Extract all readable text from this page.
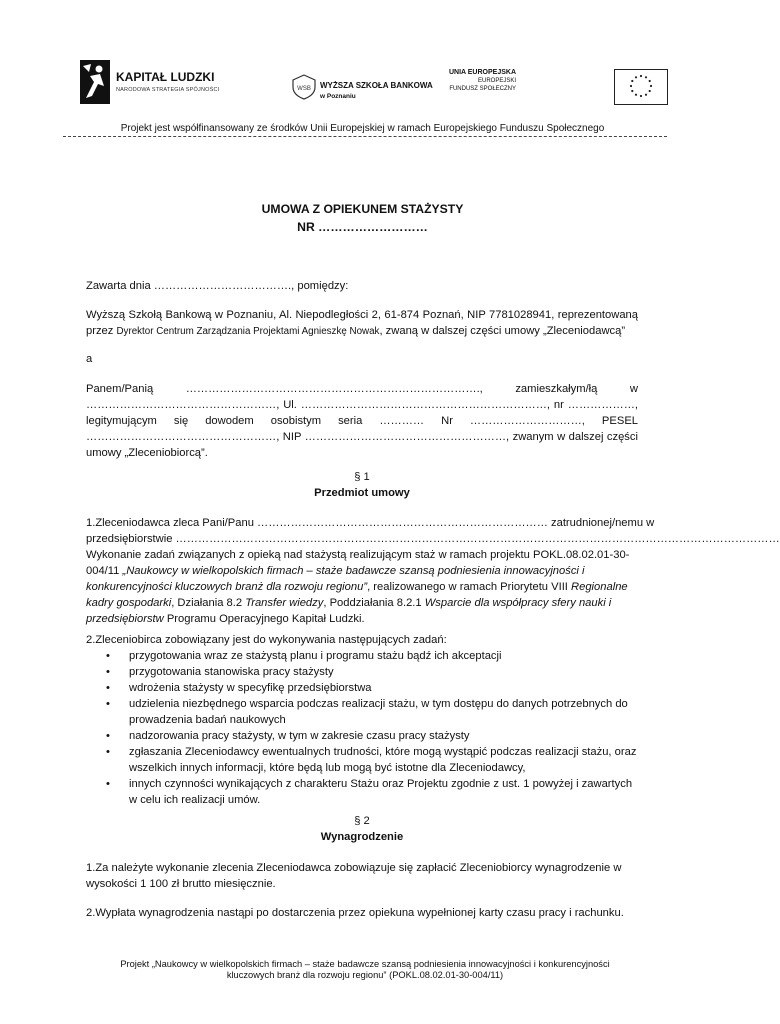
KAPITAŁ LUDZKI
NARODOWA STRATEGIA SPÓJNOŚCI	WSB WYŻSZA SZKOŁA BANKOWA
w Poznaniu
UNIA EUROPEJSKA
EUROPEJSKI
FUNDUSZ SPOŁECZNY
Projekt jest współfinansowany ze środków Unii Europejskiej w ramach Europejskiego Funduszu Społecznego
UMOWA Z OPIEKUNEM STAŻYSTY
NR ………………………
Zawarta dnia ………………………………., pomiędzy:
Wyższą Szkołą Bankową w Poznaniu, Al. Niepodległości 2, 61-874 Poznań, NIP 7781028941, reprezentowaną przez Dyrektor Centrum Zarządzania Projektami Agnieszkę Nowak, zwaną w dalszej części umowy „Zleceniodawcą”
a
Panem/Panią ……………………………………………………………………., zamieszkałym/łą w ……………………………………………, Ul. …………………………………………………………, nr ………………, legitymującym się dowodem osobistym seria ………… Nr …………………………, PESEL ……………………………………………, NIP ………………………………………………, zwanym w dalszej części umowy „Zleceniobiorcą”.
§ 1
Przedmiot umowy
1.Zleceniodawca zleca Pani/Panu …………………………………………………………………… zatrudnionej/nemu w
przedsiębiorstwie ………………………………………………………………………………………………………………………………………………
Wykonanie zadań związanych z opieką nad stażystą realizującym staż w ramach projektu POKL.08.02.01-30-004/11 „Naukowcy w wielkopolskich firmach – staże badawcze szansą podniesienia innowacyjności i konkurencyjności kluczowych branż dla rozwoju regionu”, realizowanego w ramach Priorytetu VIII Regionalne kadry gospodarki, Działania 8.2 Transfer wiedzy, Poddziałania 8.2.1 Wsparcie dla współpracy sfery nauki i przedsiębiorstw Programu Operacyjnego Kapitał Ludzki.
2.Zleceniobirca zobowiązany jest do wykonywania następujących zadań:
• przygotowania wraz ze stażystą planu i programu stażu bądź ich akceptacji
• przygotowania stanowiska pracy stażysty
• wdrożenia stażysty w specyfikę przedsiębiorstwa
• udzielenia niezbędnego wsparcia podczas realizacji stażu, w tym dostępu do danych potrzebnych do prowadzenia badań naukowych
• nadzorowania pracy stażysty, w tym w zakresie czasu pracy stażysty
• zgłaszania Zleceniodawcy ewentualnych trudności, które mogą wystąpić podczas realizacji stażu, oraz wszelkich innych informacji, które będą lub mogą być istotne dla Zleceniodawcy,
• innych czynności wynikających z charakteru Stażu oraz Projektu zgodnie z ust. 1 powyżej i zawartych w celu ich realizacji umów.
§ 2
Wynagrodzenie
1.Za należyte wykonanie zlecenia Zleceniodawca zobowiązuje się zapłacić Zleceniobiorcy wynagrodzenie w wysokości 1 100 zł brutto miesięcznie.
2.Wypłata wynagrodzenia nastąpi po dostarczenia przez opiekuna wypełnionej karty czasu pracy i rachunku.
Projekt „Naukowcy w wielkopolskich firmach – staże badawcze szansą podniesienia innowacyjności i konkurencyjności
kluczowych branż dla rozwoju regionu” (POKL.08.02.01-30-004/11)
